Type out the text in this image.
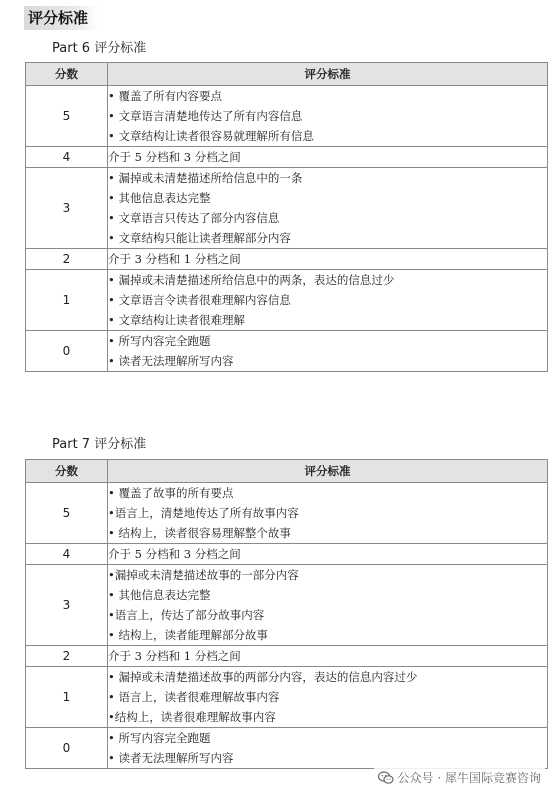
评分标准
Part 6 评分标准
分数	评分标准
5	• 覆盖了所有内容要点
• 文章语言清楚地传达了所有内容信息
• 文章结构让读者很容易就理解所有信息

4	介于 5 分档和 3 分档之间

3	• 漏掉或未清楚描述所给信息中的一条
• 其他信息表达完整
• 文章语言只传达了部分内容信息
• 文章结构只能让读者理解部分内容

2	介于 3 分档和 1 分档之间

1	• 漏掉或未清楚描述所给信息中的两条，表达的信息过少
• 文章语言令读者很难理解内容信息
• 文章结构让读者很难理解

0	• 所写内容完全跑题
• 读者无法理解所写内容
Part 7 评分标准
分数	评分标准
5	• 覆盖了故事的所有要点
•语言上，清楚地传达了所有故事内容
• 结构上，读者很容易理解整个故事

4	介于 5 分档和 3 分档之间

3	•漏掉或未清楚描述故事的一部分内容
• 其他信息表达完整
•语言上，传达了部分故事内容
• 结构上，读者能理解部分故事

2	介于 3 分档和 1 分档之间

1	• 漏掉或未清楚描述故事的两部分内容，表达的信息内容过少
• 语言上，读者很难理解故事内容
•结构上，读者很难理解故事内容

0	• 所写内容完全跑题
• 读者无法理解所写内容
公众号 · 犀牛国际竞赛咨询
